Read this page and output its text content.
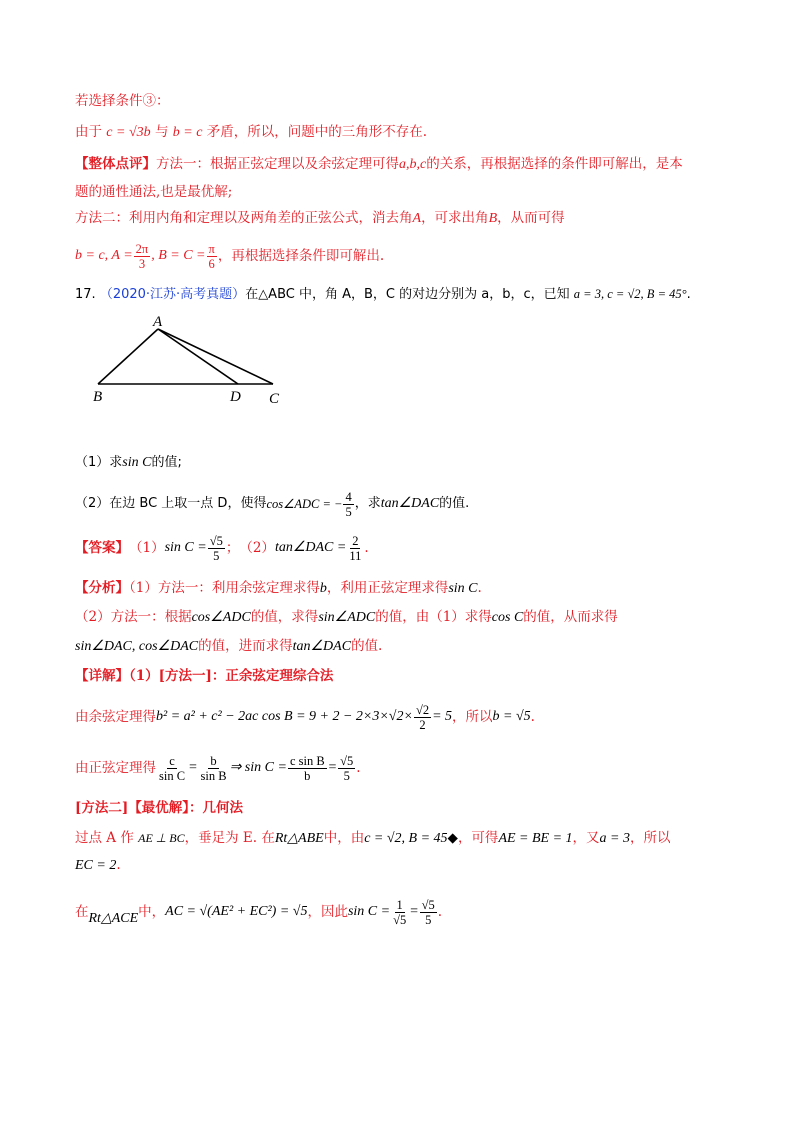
若选择条件③：
由于 c = √3b 与 b = c 矛盾，所以，问题中的三角形不存在.
【整体点评】方法一：根据正弦定理以及余弦定理可得a,b,c的关系，再根据选择的条件即可解出，是本
题的通性通法,也是最优解;
方法二：利用内角和定理以及两角差的正弦公式，消去角A，可求出角B，从而可得
b = c, $A = \frac{2\pi}{3}$ , $B = C = \frac{\pi}{6}$ ，再根据选择条件即可解出.
17. （2020·江苏·高考真题）在△ABC 中，角 A，B，C 的对边分别为 a，b，c，已知 a = 3, c = √2, B = 45°.
A
B	D C
（1）求sin C的值;
（2）在边 BC 上取一点 D，使得 cos∠ADC = − $\frac{4}{5}$ ，求 tan∠DAC 的值.
【答案】 （1） $\sin C = \frac{√5}{5}$ ； （2） tan∠DAC = $\frac{2}{11}$ .
【分析】（1）方法一：利用余弦定理求得b，利用正弦定理求得sin C.
（2）方法一：根据cos∠ADC的值，求得sin∠ADC的值，由（1）求得cos C的值，从而求得
sin∠DAC, cos∠DAC的值，进而求得tan∠DAC的值.
【详解】（1）[方法一]：正余弦定理综合法
由余弦定理得 b² = a² + c² − 2ac $\cos B = 9 + 2 - 2\times 3\times√2\times \frac{√2}{2} = 5$ ，所以 b = √5 .
由正弦定理得 $\frac{c}{\text{sin C}} = \frac{b}{\text{sin B}}$ ⇒ $\sin C = \frac{\text{c sin B}}{b} = \frac{√5}{5}$ .
[方法二]【最优解】：几何法
过点 A 作 AE ⊥ BC，垂足为 E. 在Rt△ABE中，由c = √2, B = 45◆，可得AE = BE = 1，又a = 3，所以
EC = 2.
在 Rt△ACE 中， AC = √(AE² + EC²) = √5 ，因此 $\sin C = \frac{1}{√5} = \frac{√5}{5}$ .
